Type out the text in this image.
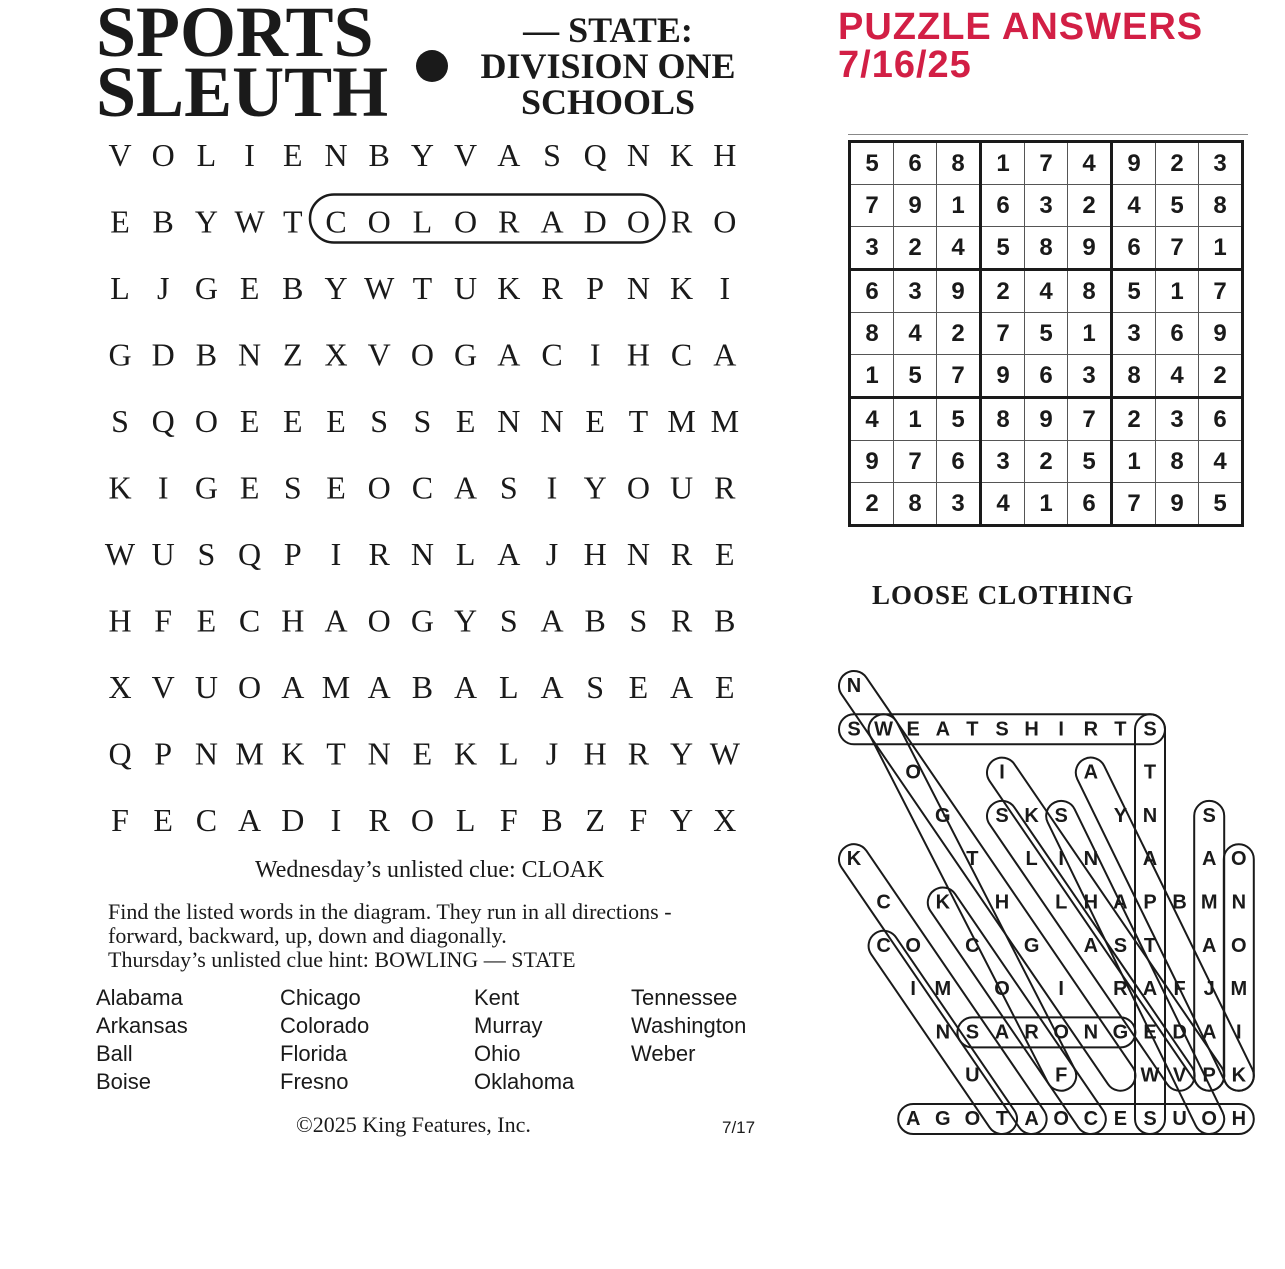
SPORTS
SLEUTH
— STATE:
DIVISION ONE
SCHOOLS
V O L I E N B Y V A S Q N K H
E B Y W T C O L O R A D O R O
L J G E B Y W T U K R P N K I
G D B N Z X V O G A C I H C A
S Q O E E E S S E N N E T M M
K I G E S E O C A S I Y O U R
W U S Q P I R N L A J H N R E
H F E C H A O G Y S A B S R B
X V U O A M A B A L A S E A E
Q P N M K T N E K L J H R Y W
F E C A D I R O L F B Z F Y X
Wednesday’s unlisted clue: CLOAK
Find the listed words in the diagram. They run in all directions -
forward, backward, up, down and diagonally.
Thursday’s unlisted clue hint: BOWLING — STATE
Alabama
Arkansas
Ball
Boise
Chicago
Colorado
Florida
Fresno
Kent
Murray
Ohio
Oklahoma
Tennessee
Washington
Weber
©2025 King Features, Inc.	7/17
PUZZLE ANSWERS
7/16/25
5	6	8	1	7	4	9	2	3
7	9	1	6	3	2	4	5	8
3	2	4	5	8	9	6	7	1
6	3	9	2	4	8	5	1	7
8	4	2	7	5	1	3	6	9
1	5	7	9	6	3	8	4	2
4	1	5	8	9	7	2	3	6
9	7	6	3	2	5	1	8	4
2	8	3	4	1	6	7	9	5
LOOSE CLOTHING
N
S W E A T S H I R T S
O	I	A T
G S K S Y N S
K	T L I N A A O
C K H L H A P B M N
C O C G A S T A O
I M O I R A F J M
N S A R O N G E D A I
U	F	W V P K
A G O T A O C E S U O H
